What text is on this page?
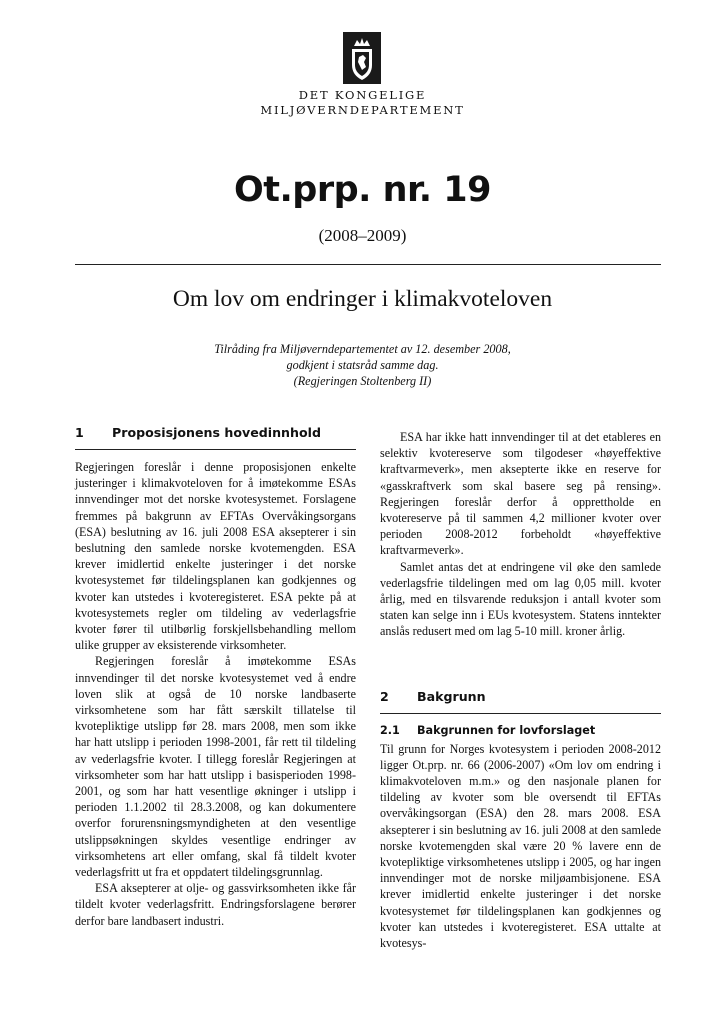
DET KONGELIGE
MILJØVERNDEPARTEMENT
Ot.prp. nr. 19
(2008–2009)
Om lov om endringer i klimakvoteloven
Tilråding fra Miljøverndepartementet av 12. desember 2008,
godkjent i statsråd samme dag.
(Regjeringen Stoltenberg II)
1	Proposisjonens hovedinnhold

Regjeringen foreslår i denne proposisjonen enkelte justeringer i klimakvoteloven for å imøtekomme ESAs innvendinger mot det norske kvotesystemet. Forslagene fremmes på bakgrunn av EFTAs Overvåkingsorgans (ESA) beslutning av 16. juli 2008 ESA aksepterer i sin beslutning den samlede norske kvotemengden. ESA krever imidlertid enkelte justeringer i det norske kvotesystemet før tildelingsplanen kan godkjennes og kvoter kan utstedes i kvoteregisteret. ESA pekte på at kvotesystemets regler om tildeling av vederlagsfrie kvoter fører til utilbørlig forskjellsbehandling mellom ulike grupper av eksisterende virksomheter.

Regjeringen foreslår å imøtekomme ESAs innvendinger til det norske kvotesystemet ved å endre loven slik at også de 10 norske landbaserte virksomhetene som har fått særskilt tillatelse til kvotepliktige utslipp før 28. mars 2008, men som ikke har hatt utslipp i perioden 1998-2001, får rett til tildeling av vederlagsfrie kvoter. I tillegg foreslår Regjeringen at virksomheter som har hatt utslipp i basisperioden 1998-2001, og som har hatt vesentlige økninger i utslipp i perioden 1.1.2002 til 28.3.2008, og kan dokumentere overfor forurensningsmyndigheten at den vesentlige utslippsøkningen skyldes vesentlige endringer av virksomhetens art eller omfang, skal få tildelt kvoter vederlagsfritt ut fra et oppdatert tildelingsgrunnlag.

ESA aksepterer at olje- og gassvirksomheten ikke får tildelt kvoter vederlagsfritt. Endringsforslagene berører derfor bare landbasert industri.

ESA har ikke hatt innvendinger til at det etableres en selektiv kvotereserve som tilgodeser «høyeffektive kraftvarmeverk», men aksepterte ikke en reserve for «gasskraftverk som skal basere seg på rensing». Regjeringen foreslår derfor å opprettholde en kvotereserve på til sammen 4,2 millioner kvoter over perioden 2008-2012 forbeholdt «høyeffektive kraftvarmeverk».

Samlet antas det at endringene vil øke den samlede vederlagsfrie tildelingen med om lag 0,05 mill. kvoter årlig, med en tilsvarende reduksjon i antall kvoter som staten kan selge inn i EUs kvotesystem. Statens inntekter anslås redusert med om lag 5-10 mill. kroner årlig.

2	Bakgrunn
2.1	Bakgrunnen for lovforslaget

Til grunn for Norges kvotesystem i perioden 2008-2012 ligger Ot.prp. nr. 66 (2006-2007) «Om lov om endring i klimakvoteloven m.m.» og den nasjonale planen for tildeling av kvoter som ble oversendt til EFTAs overvåkingsorgan (ESA) den 28. mars 2008. ESA aksepterer i sin beslutning av 16. juli 2008 at den samlede norske kvotemengden skal være 20 % lavere enn de kvotepliktige virksomhetenes utslipp i 2005, og har ingen innvendinger mot de norske miljøambisjonene. ESA krever imidlertid enkelte justeringer i det norske kvotesystemet før tildelingsplanen kan godkjennes og kvoter kan utstedes i kvoteregisteret. ESA uttalte at kvotesys-
